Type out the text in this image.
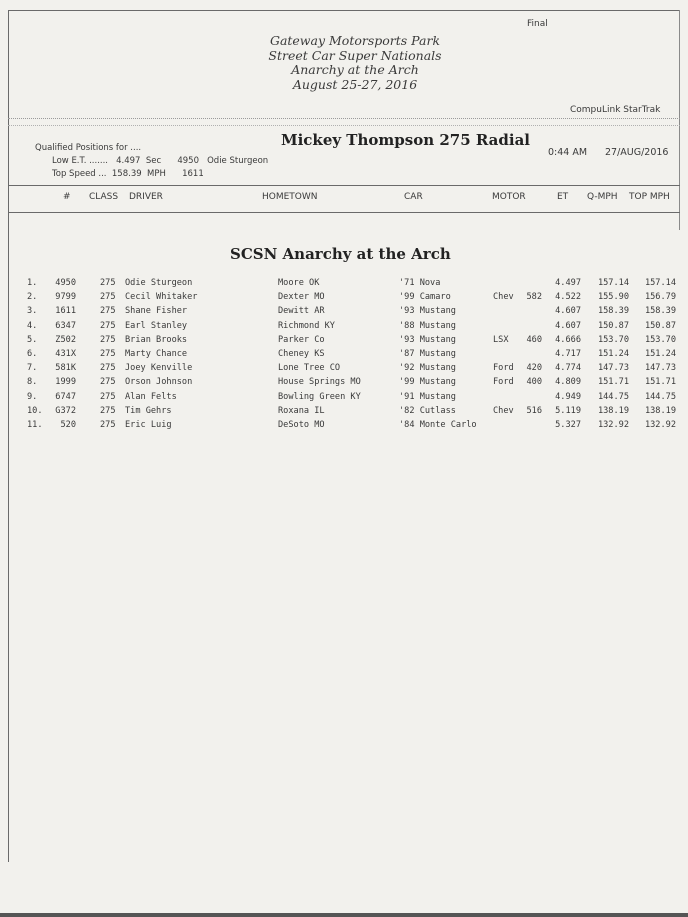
Final
Gateway Motorsports Park
Street Car Super Nationals
Anarchy at the Arch
August 25-27, 2016
CompuLink StarTrak
Qualified Positions for ....
Low E.T. .......   4.497  Sec      4950   Odie Sturgeon
Top Speed ...  158.39  MPH      1611
Mickey Thompson 275 Radial
0:44 AM 27/AUG/2016
# CLASS DRIVER	HOMETOWN	CAR	MOTOR	ET Q-MPH TOP MPH
SCSN Anarchy at the Arch
1.	4950	275 Odie Sturgeon	Moore OK	'71 Nova	4.497	157.14	157.14
2.	9799	275 Cecil Whitaker	Dexter MO	'99 Camaro	Chev	582	4.522	155.90	156.79
3.	1611	275 Shane Fisher	Dewitt AR	'93 Mustang	4.607	158.39	158.39
4.	6347	275 Earl Stanley	Richmond KY	'88 Mustang	4.607	150.87	150.87
5.	Z502	275 Brian Brooks	Parker Co	'93 Mustang	LSX	460	4.666	153.70	153.70
6.	431X	275 Marty Chance	Cheney KS	'87 Mustang	4.717	151.24	151.24
7.	581K	275 Joey Kenville	Lone Tree CO	'92 Mustang	Ford	420	4.774	147.73	147.73
8.	1999	275 Orson Johnson	House Springs MO	'99 Mustang	Ford	400	4.809	151.71	151.71
9.	6747	275 Alan Felts	Bowling Green KY	'91 Mustang	4.949	144.75	144.75
10.	G372	275 Tim Gehrs	Roxana IL	'82 Cutlass	Chev	516	5.119	138.19	138.19
11.	520	275 Eric Luig	DeSoto MO	'84 Monte Carlo	5.327	132.92	132.92
